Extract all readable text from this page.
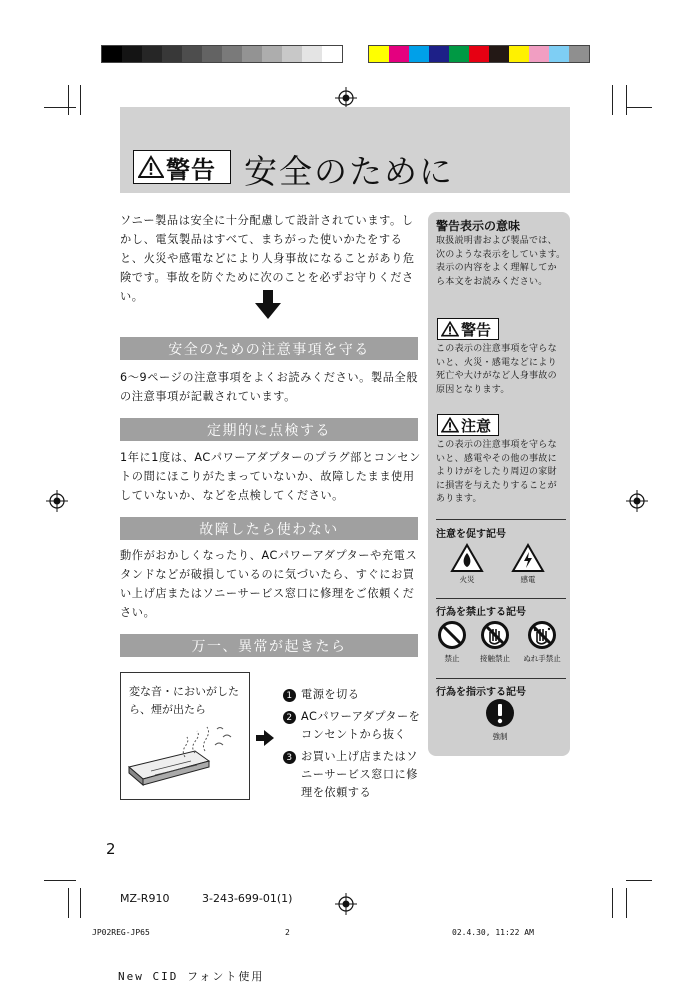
警告 安全のために
ソニー製品は安全に十分配慮して設計されています。しかし、電気製品はすべて、まちがった使いかたをすると、火災や感電などにより人身事故になることがあり危険です。事故を防ぐために次のことを必ずお守りください。
安全のための注意事項を守る
6〜9ページの注意事項をよくお読みください。製品全般の注意事項が記載されています。
定期的に点検する
1年に1度は、ACパワーアダプターのプラグ部とコンセントの間にほこりがたまっていないか、故障したまま使用していないか、などを点検してください。
故障したら使わない
動作がおかしくなったり、ACパワーアダプターや充電スタンドなどが破損しているのに気づいたら、すぐにお買い上げ店またはソニーサービス窓口に修理をご依頼ください。
万一、異常が起きたら
変な音・においがしたら、煙が出たら
1 電源を切る
2 ACパワーアダプターをコンセントから抜く
3 お買い上げ店またはソニーサービス窓口に修理を依頼する
警告表示の意味
取扱説明書および製品では、次のような表示をしています。表示の内容をよく理解してから本文をお読みください。
警告
この表示の注意事項を守らないと、火災・感電などにより死亡や大けがなど人身事故の原因となります。
注意
この表示の注意事項を守らないと、感電やその他の事故によりけがをしたり周辺の家財に損害を与えたりすることがあります。
注意を促す記号
火災	感電
行為を禁止する記号
禁止	接触禁止	ぬれ手禁止
行為を指示する記号
強制
2
MZ-R910	3-243-699-01(1)
JP02REG-JP65	2	02.4.30, 11:22 AM
New CID フォント使用
